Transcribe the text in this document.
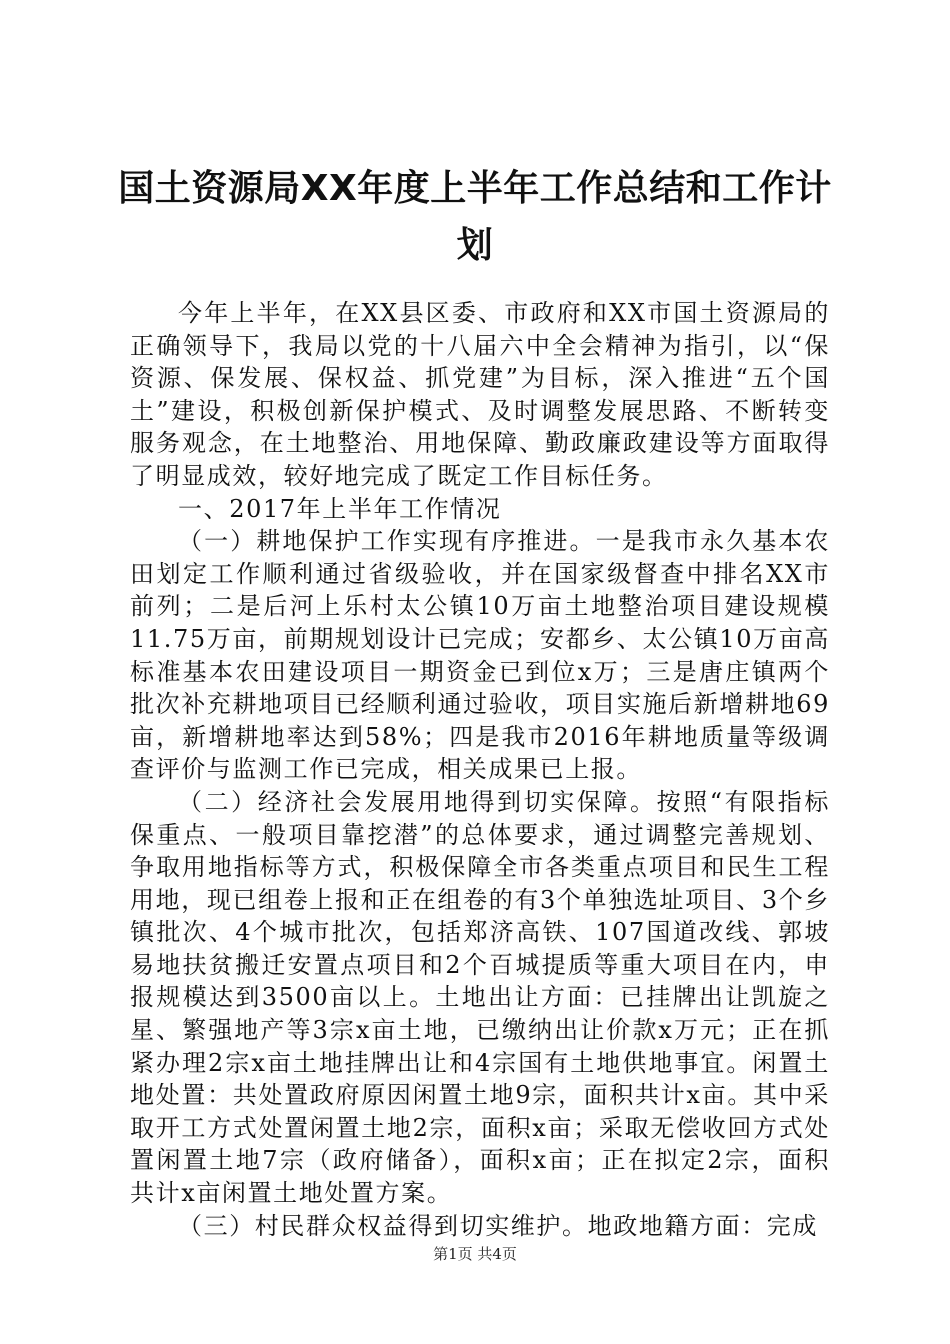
国土资源局XX年度上半年工作总结和工作计划

今年上半年，在XX县区委、市政府和XX市国土资源局的正确领导下，我局以党的十八届六中全会精神为指引，以“保资源、保发展、保权益、抓党建”为目标，深入推进“五个国土”建设，积极创新保护模式、及时调整发展思路、不断转变服务观念，在土地整治、用地保障、勤政廉政建设等方面取得了明显成效，较好地完成了既定工作目标任务。

一、2017年上半年工作情况

（一）耕地保护工作实现有序推进。一是我市永久基本农田划定工作顺利通过省级验收，并在国家级督查中排名XX市前列；二是后河上乐村太公镇10万亩土地整治项目建设规模11.75万亩，前期规划设计已完成；安都乡、太公镇10万亩高标准基本农田建设项目一期资金已到位x万；三是唐庄镇两个批次补充耕地项目已经顺利通过验收，项目实施后新增耕地69亩，新增耕地率达到58%；四是我市2016年耕地质量等级调查评价与监测工作已完成，相关成果已上报。

（二）经济社会发展用地得到切实保障。按照“有限指标保重点、一般项目靠挖潜”的总体要求，通过调整完善规划、争取用地指标等方式，积极保障全市各类重点项目和民生工程用地，现已组卷上报和正在组卷的有3个单独选址项目、3个乡镇批次、4个城市批次，包括郑济高铁、107国道改线、郭坡易地扶贫搬迁安置点项目和2个百城提质等重大项目在内，申报规模达到3500亩以上。土地出让方面：已挂牌出让凯旋之星、繁强地产等3宗x亩土地，已缴纳出让价款x万元；正在抓紧办理2宗x亩土地挂牌出让和4宗国有土地供地事宜。闲置土地处置：共处置政府原因闲置土地9宗，面积共计x亩。其中采取开工方式处置闲置土地2宗，面积x亩；采取无偿收回方式处置闲置土地7宗（政府储备），面积x亩；正在拟定2宗，面积共计x亩闲置土地处置方案。

（三）村民群众权益得到切实维护。地政地籍方面：完成

第1页 共4页
